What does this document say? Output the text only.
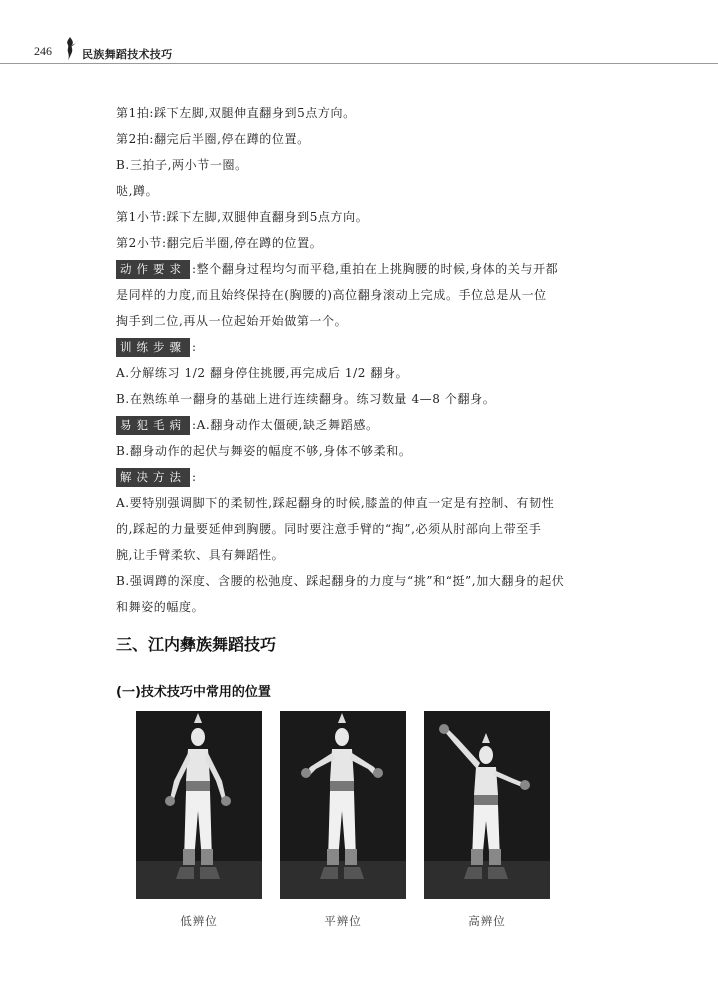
246	民族舞蹈技术技巧

第1拍:踩下左脚,双腿伸直翻身到5点方向。

第2拍:翻完后半圈,停在蹲的位置。

B.三拍子,两小节一圈。

哒,蹲。

第1小节:踩下左脚,双腿伸直翻身到5点方向。

第2小节:翻完后半圈,停在蹲的位置。

动作要求 :整个翻身过程均匀而平稳,重拍在上挑胸腰的时候,身体的关与开都

是同样的力度,而且始终保持在(胸腰的)高位翻身滚动上完成。手位总是从一位

掏手到二位,再从一位起始开始做第一个。

训练步骤 :

A.分解练习 1/2 翻身停住挑腰,再完成后 1/2 翻身。

B.在熟练单一翻身的基础上进行连续翻身。练习数量 4—8 个翻身。

易犯毛病 :A.翻身动作太僵硬,缺乏舞蹈感。

B.翻身动作的起伏与舞姿的幅度不够,身体不够柔和。

解决方法 :

A.要特别强调脚下的柔韧性,踩起翻身的时候,膝盖的伸直一定是有控制、有韧性

的,踩起的力量要延伸到胸腰。同时要注意手臂的“掏”,必须从肘部向上带至手

腕,让手臂柔软、具有舞蹈性。

B.强调蹲的深度、含腰的松弛度、踩起翻身的力度与“挑”和“挺”,加大翻身的起伏

和舞姿的幅度。

三、江内彝族舞蹈技巧
(一)技术技巧中常用的位置
低辨位	平辨位	高辨位
